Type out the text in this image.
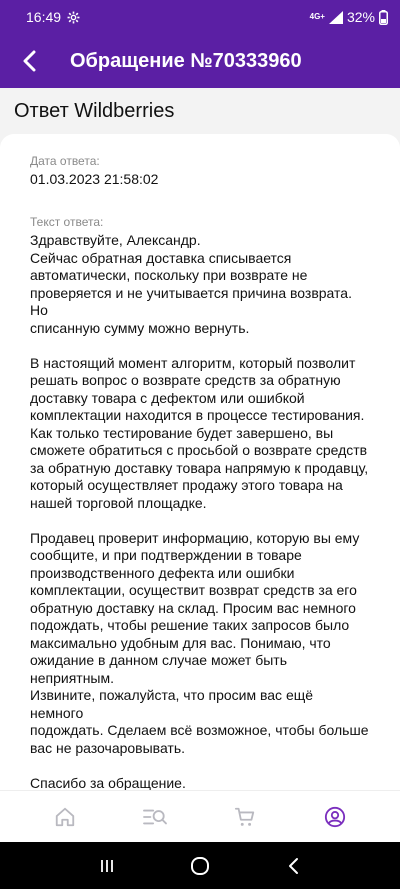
16:49	4G+ 32%
Обращение №70333960
Ответ Wildberries
Дата ответа:
01.03.2023 21:58:02
Текст ответа:
Здравствуйте, Александр.
Сейчас обратная доставка списывается
автоматически, поскольку при возврате не
проверяется и не учитывается причина возврата. Но
списанную сумму можно вернуть.

В настоящий момент алгоритм, который позволит
решать вопрос о возврате средств за обратную
доставку товара с дефектом или ошибкой
комплектации находится в процессе тестирования.
Как только тестирование будет завершено, вы
сможете обратиться с просьбой о возврате средств
за обратную доставку товара напрямую к продавцу,
который осуществляет продажу этого товара на
нашей торговой площадке.

Продавец проверит информацию, которую вы ему
сообщите, и при подтверждении в товаре
производственного дефекта или ошибки
комплектации, осуществит возврат средств за его
обратную доставку на склад. Просим вас немного
подождать, чтобы решение таких запросов было
максимально удобным для вас. Понимаю, что
ожидание в данном случае может быть неприятным.
Извините, пожалуйста, что просим вас ещё немного
подождать. Сделаем всё возможное, чтобы больше
вас не разочаровывать.

Спасибо за обращение.
